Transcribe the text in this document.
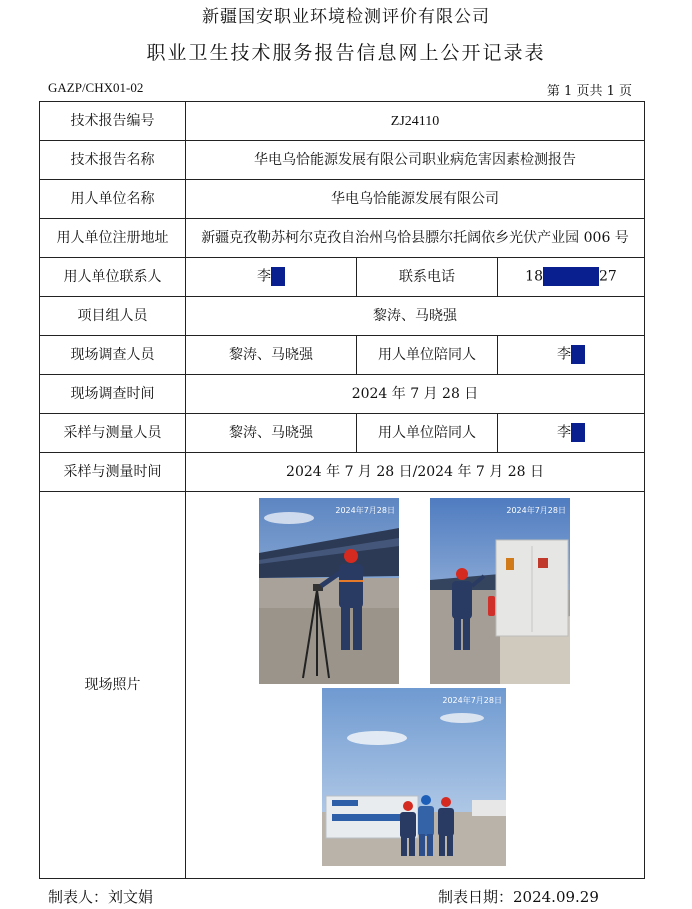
新疆国安职业环境检测评价有限公司
职业卫生技术服务报告信息网上公开记录表
GAZP/CHX01-02	第 1 页共 1 页
技术报告编号	ZJ24110		
技术报告名称	华电乌恰能源发展有限公司职业病危害因素检测报告		
用人单位名称	华电乌恰能源发展有限公司		
用人单位注册地址	新疆克孜勒苏柯尔克孜自治州乌恰县膘尔托阔依乡光伏产业园 006 号		
用人单位联系人	李	联系电话	18 27
项目组人员	黎涛、马晓强		
现场调查人员	黎涛、马晓强	用人单位陪同人	李
现场调查时间	2024 年 7 月 28 日		
采样与测量人员	黎涛、马晓强	用人单位陪同人	李
采样与测量时间	2024 年 7 月 28 日/2024 年 7 月 28 日		
现场照片	2024年7月28日 2024年7月28日
2024年7月28日		
制表人：刘文娟	制表日期：2024.09.29
